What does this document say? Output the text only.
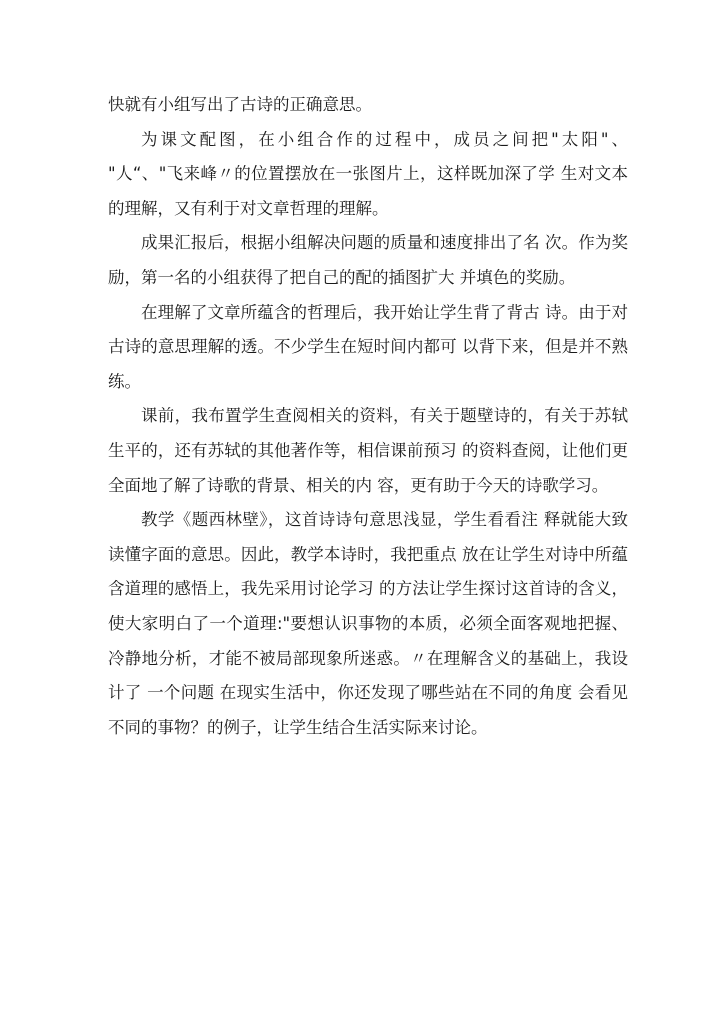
快就有小组写出了古诗的正确意思。

为课文配图，在小组合作的过程中，成员之间把"太阳"、 "人“、"飞来峰〃的位置摆放在一张图片上，这样既加深了学 生对文本的理解，又有利于对文章哲理的理解。

成果汇报后，根据小组解决问题的质量和速度排出了名 次。作为奖励，第一名的小组获得了把自己的配的插图扩大 并填色的奖励。

在理解了文章所蕴含的哲理后，我开始让学生背了背古 诗。由于对古诗的意思理解的透。不少学生在短时间内都可 以背下来，但是并不熟练。

课前，我布置学生查阅相关的资料，有关于题壁诗的，有关于苏轼生平的，还有苏轼的其他著作等，相信课前预习 的资料查阅，让他们更全面地了解了诗歌的背景、相关的内 容，更有助于今天的诗歌学习。

教学《题西林壁》，这首诗诗句意思浅显，学生看看注 释就能大致读懂字面的意思。因此，教学本诗时，我把重点 放在让学生对诗中所蕴含道理的感悟上，我先采用讨论学习 的方法让学生探讨这首诗的含义，使大家明白了一个道理:"要想认识事物的本质，必须全面客观地把握、冷静地分析，才能不被局部现象所迷惑。〃在理解含义的基础上，我设计了 一个问题 在现实生活中，你还发现了哪些站在不同的角度 会看见不同的事物？的例子，让学生结合生活实际来讨论。
